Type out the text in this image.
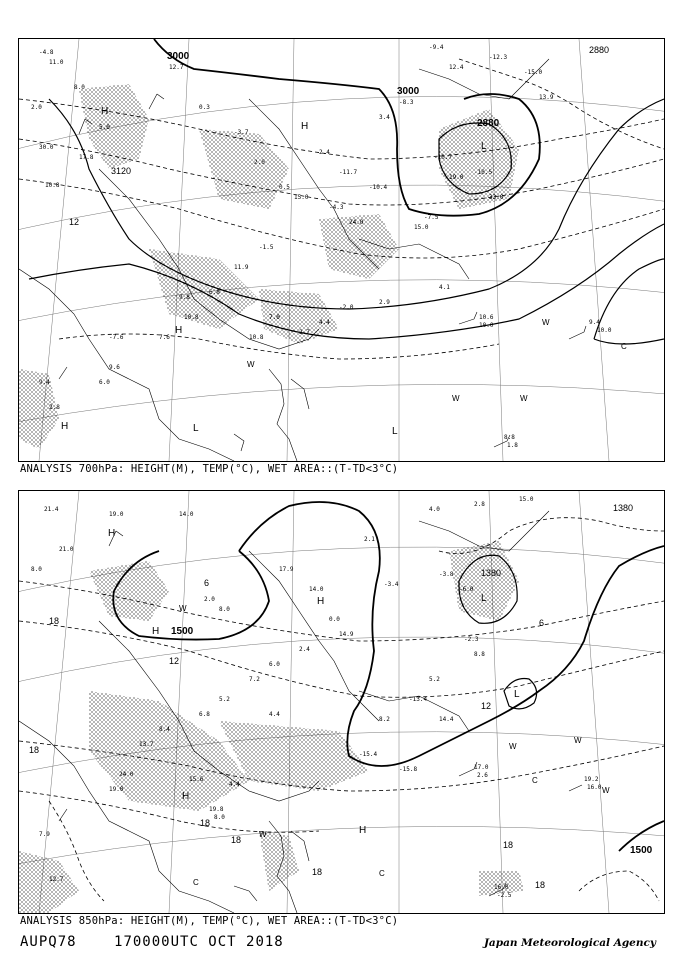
-4.8
11.0
8.0
2.0
5.0
30.0
17.8
10.8
12.7
0.3
-3.7
2.0
0.5
15.0
2.4
-11.7
-4.3
24.0
-10.4
3.4
-8.3
-9.4
12.4
-12.3
-15.0
13.9
-10.7
19.0
-10.5
33.0
-7.5
15.0
-1.5
11.9
6.8
9.8
10.8
7.6
-7.6
9.6
6.0
9.4
2.8
10.8
-2.0
2.9
4.1
10.6
10.0	9.4
10.0
8.8
1.8
7.0
2.7
4.4
3000
3000
2880
3120
2880
12
H
H
H
H
L
L	L
W
W	W
W
C
ANALYSIS 700hPa: HEIGHT(M), TEMP(°C), WET AREA::(T-TD<3°C)
21.4
21.0
8.0
19.0	14.0
2.0
8.0
17.9
14.0
0.0
14.9
2.1
-3.4
4.0
2.8
15.0
-3.8
-6.0
-2.3
8.8
5.2
-13.4
14.4
8.2
2.4
6.0
7.2
5.2
6.8	4.4
8.4
13.7
19.0
24.0
15.6
4.4
19.8
8.0
-15.4
-15.8	17.0
2.6
19.2
16.0
16.0
-2.5
7.9
12.7
1500
1500
1380
1380
12
12
18
18
18
18
18
18
18
6
6
H
H
H
H
H
L
L
W
W
W
W
W
C
C
C
ANALYSIS 850hPa: HEIGHT(M), TEMP(°C), WET AREA::(T-TD<3°C)
AUPQ78	170000UTC OCT 2018	Japan Meteorological Agency
